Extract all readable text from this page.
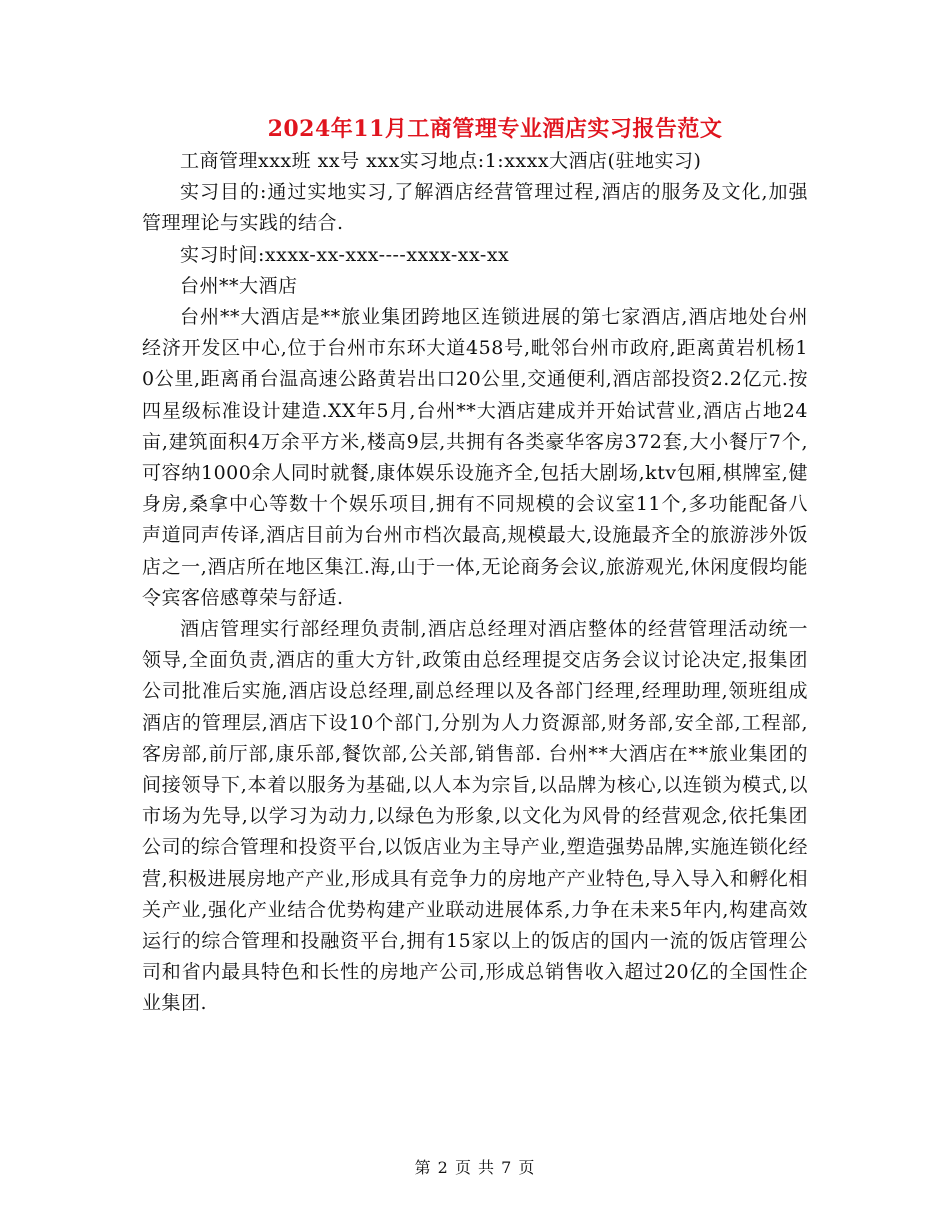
2024年11月工商管理专业酒店实习报告范文

工商管理xxx班 xx号 xxx实习地点:1:xxxx大酒店(驻地实习)

实习目的:通过实地实习,了解酒店经营管理过程,酒店的服务及文化,加强管理理论与实践的结合.

实习时间:xxxx-xx-xxx----xxxx-xx-xx

台州**大酒店

台州**大酒店是**旅业集团跨地区连锁进展的第七家酒店,酒店地处台州经济开发区中心,位于台州市东环大道458号,毗邻台州市政府,距离黄岩机杨10公里,距离甬台温高速公路黄岩出口20公里,交通便利,酒店部投资2.2亿元.按四星级标准设计建造.XX年5月,台州**大酒店建成并开始试营业,酒店占地24亩,建筑面积4万余平方米,楼高9层,共拥有各类豪华客房372套,大小餐厅7个,可容纳1000余人同时就餐,康体娱乐设施齐全,包括大剧场,ktv包厢,棋牌室,健身房,桑拿中心等数十个娱乐项目,拥有不同规模的会议室11个,多功能配备八声道同声传译,酒店目前为台州市档次最高,规模最大,设施最齐全的旅游涉外饭店之一,酒店所在地区集江.海,山于一体,无论商务会议,旅游观光,休闲度假均能令宾客倍感尊荣与舒适.

酒店管理实行部经理负责制,酒店总经理对酒店整体的经营管理活动统一领导,全面负责,酒店的重大方针,政策由总经理提交店务会议讨论决定,报集团公司批准后实施,酒店设总经理,副总经理以及各部门经理,经理助理,领班组成酒店的管理层,酒店下设10个部门,分别为人力资源部,财务部,安全部,工程部,客房部,前厅部,康乐部,餐饮部,公关部,销售部. 台州**大酒店在**旅业集团的间接领导下,本着以服务为基础,以人本为宗旨,以品牌为核心,以连锁为模式,以市场为先导,以学习为动力,以绿色为形象,以文化为风骨的经营观念,依托集团公司的综合管理和投资平台,以饭店业为主导产业,塑造强势品牌,实施连锁化经营,积极进展房地产产业,形成具有竞争力的房地产产业特色,导入导入和孵化相关产业,强化产业结合优势构建产业联动进展体系,力争在未来5年内,构建高效运行的综合管理和投融资平台,拥有15家以上的饭店的国内一流的饭店管理公司和省内最具特色和长性的房地产公司,形成总销售收入超过20亿的全国性企业集团.

第 2 页 共 7 页
